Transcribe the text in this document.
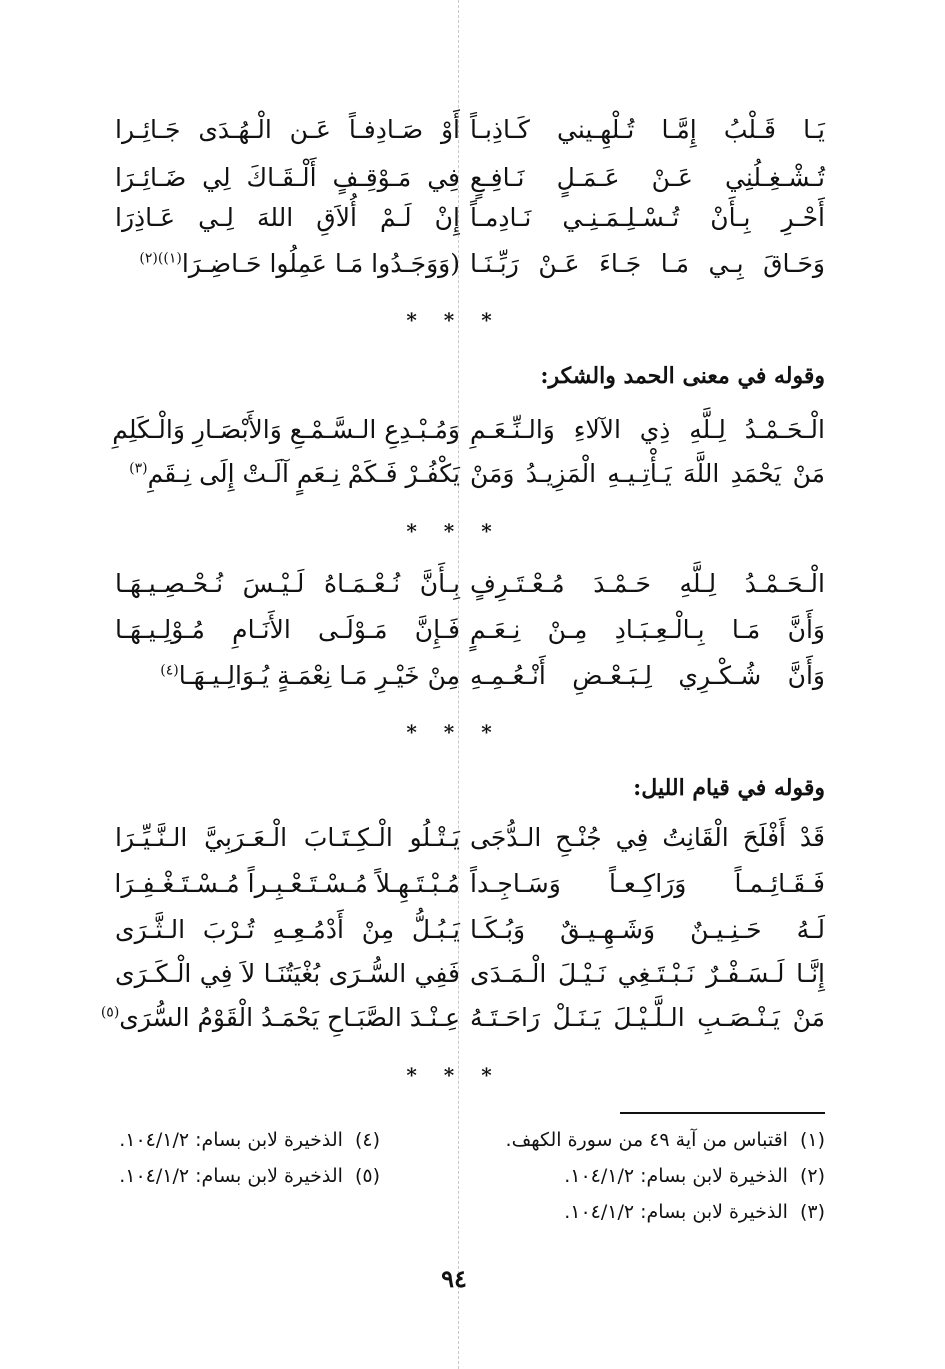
يَـا قَـلْبُ إِمَّـا تُـلْهِـيني كَـاذِبـاً
أَوْ صَـادِفـاً عَـن الْـهُـدَى جَـائِـرا
تُـشْـغِـلُنِي عَـنْ عَـمَـلٍ نَـافِـعٍ
فِي مَـوْقِـفٍ أَلْـقَـاكَ لِي ضَـائِـرَا
أَحْـرِ بِـأَنْ تُـسْـلِـمَـنِـي نَـادِمـاً
إِنْ لَـمْ أُلاَقِ اللهَ لِـي عَـاذِرَا
وَحَـاقَ بِـي مَـا جَـاءَ عَـنْ رَبِّـنَـا
(وَوَجَـدُوا مَـا عَمِلُوا حَـاضِـرَا$^{(١))(٢)}$
* * *
وقوله في معنى الحمد والشكر:
الْـحَـمْـدُ لِـلَّهِ ذِي الآلاءِ وَالـنِّـعَـمِ
وَمُـبْـدِعِ الـسَّـمْـعِ وَالأَبْصَـارِ وَالْـكَلِمِ
مَنْ يَحْمَدِ اللَّهَ يَـأْتِـيـهِ الْمَزِيـدُ وَمَنْ
يَكْفُـرْ فَـكَمْ نِـعَمٍ آلَـتْ إِلَى نِـقَمِ$^{(٣)}$
* * *
الْـحَـمْـدُ لِـلَّهِ حَـمْـدَ مُـعْـتَـرِفٍ
بِـأَنَّ نُـعْـمَـاهُ لَـيْـسَ نُـحْـصِـيـهَـا
وَأَنَّ مَـا بِـالْـعِـبَـادِ مِـنْ نِـعَـمٍ
فَـإِنَّ مَـوْلَـى الأَنَـامِ مُـوْلِـيـهَـا
وَأَنَّ شُـكْـرِي لِـبَـعْـضِ أَنْـعُـمِـهِ
مِنْ خَيْـرِ مَـا نِعْمَـةٍ يُـوَالِـيـهَـا$^{(٤)}$
* * *
وقوله في قيام الليل:
قَدْ أَفْلَحَ الْقَانِتُ فِي جُنْـحِ الـدُّجَى
يَـتْـلُو الْـكِـتَـابَ الْـعَـرَبِيَّ الـنَّـيِّـرَا
فَـقَـائِـمـاً وَرَاكِـعـاً وَسَـاجِـداً
مُـبْـتَـهِـلاً مُـسْـتَـعْـبِـراً مُـسْـتَـغْـفِـرَا
لَـهُ حَـنِـيـنٌ وَشَـهِـيـقٌ وَبُـكَـا
يَـبُـلُّ مِنْ أَدْمُـعِـهِ تُـرْبَ الـثَّـرَى
إِنَّـا لَـسَـفْـرٌ نَـبْـتَـغِي نَـيْـلَ الْـمَـدَى
فَفِي السُّـرَى بُغْيَتُنَـا لاَ فِي الْـكَـرَى
مَنْ يَـنْـصَـبِ الـلَّـيْـلَ يَـنَـلْ رَاحَـتَـهُ
عِـنْـدَ الصَّبَـاحِ يَحْمَـدُ الْقَوْمُ السُّرَى$^{(٥)}$
* * *
(١)اقتباس من آية ٤٩ من سورة الكهف.
(٢)الذخيرة لابن بسام: ١٠٤/١/٢.
(٣)الذخيرة لابن بسام: ١٠٤/١/٢.
(٤)الذخيرة لابن بسام: ١٠٤/١/٢.
(٥)الذخيرة لابن بسام: ١٠٤/١/٢.
٩٤
